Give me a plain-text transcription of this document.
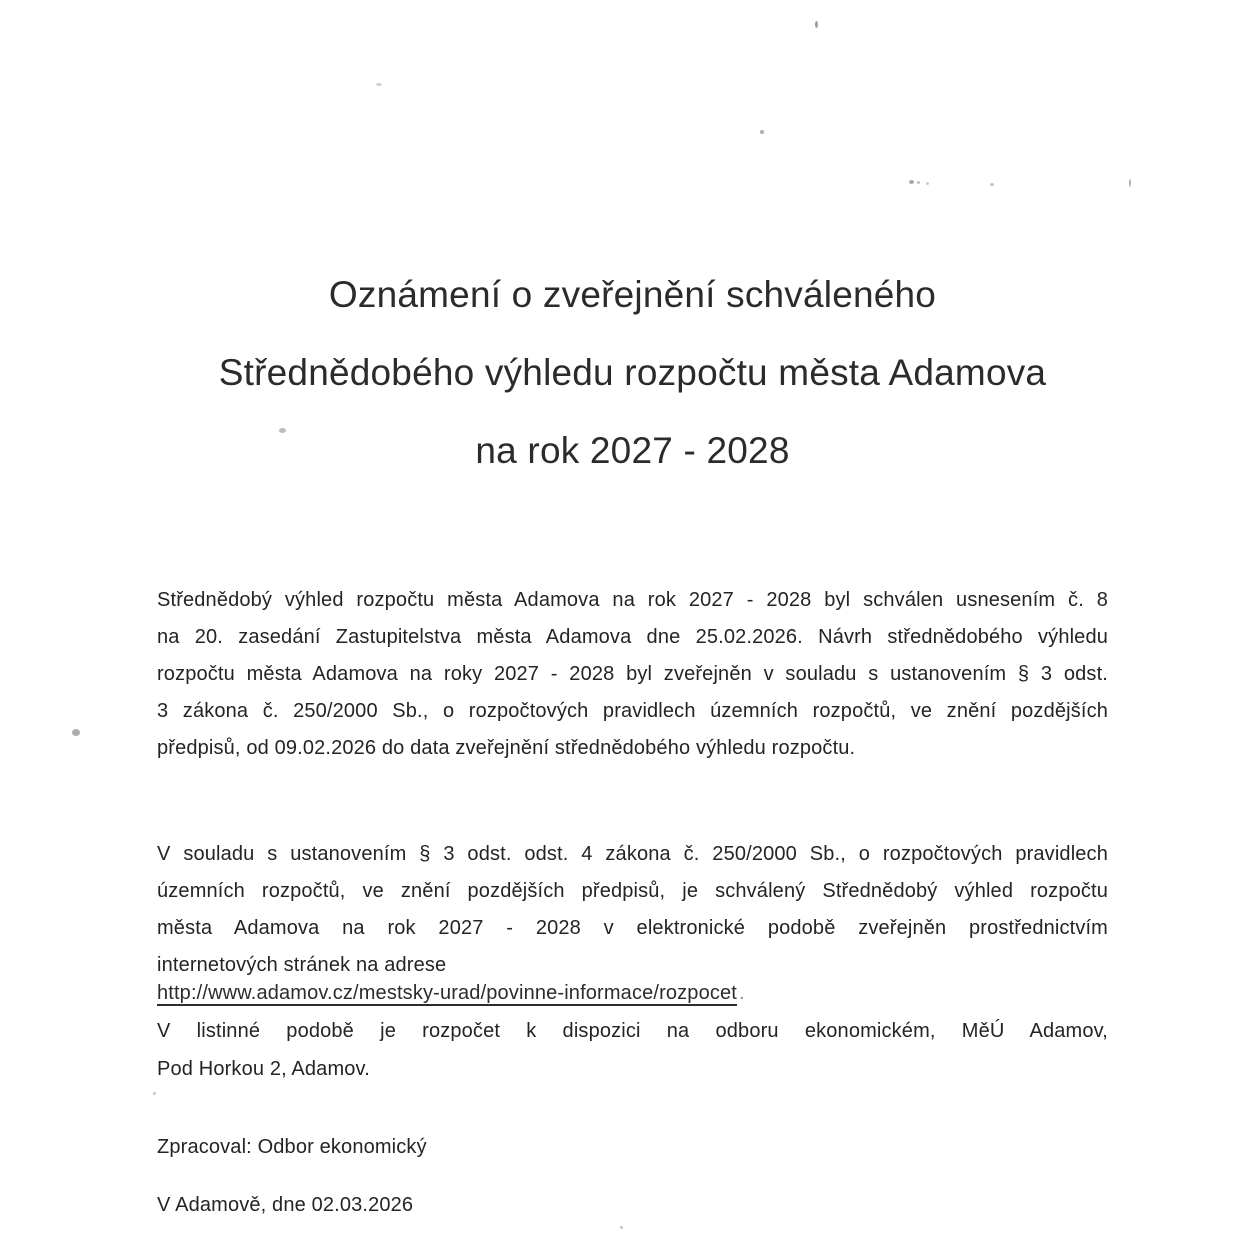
Oznámení o zveřejnění schváleného
Střednědobého výhledu rozpočtu města Adamova
na rok 2027 - 2028
Střednědobý výhled rozpočtu města Adamova na rok 2027 - 2028 byl schválen usnesením č. 8
na 20. zasedání Zastupitelstva města Adamova dne 25.02.2026. Návrh střednědobého výhledu
rozpočtu města Adamova na roky 2027 - 2028 byl zveřejněn v souladu s ustanovením § 3 odst.
3 zákona č. 250/2000 Sb., o rozpočtových pravidlech územních rozpočtů, ve znění pozdějších
předpisů, od 09.02.2026 do data zveřejnění střednědobého výhledu rozpočtu.
V souladu s ustanovením § 3 odst. odst. 4 zákona č. 250/2000 Sb., o rozpočtových pravidlech
územních rozpočtů, ve znění pozdějších předpisů, je schválený Střednědobý výhled rozpočtu
města Adamova na rok 2027 - 2028 v elektronické podobě zveřejněn prostřednictvím
internetových stránek na adrese
http://www.adamov.cz/mestsky-urad/povinne-informace/rozpocet .
V listinné podobě je rozpočet k dispozici na odboru ekonomickém, MěÚ Adamov,
Pod Horkou 2, Adamov.
Zpracoval: Odbor ekonomický
V Adamově, dne 02.03.2026
